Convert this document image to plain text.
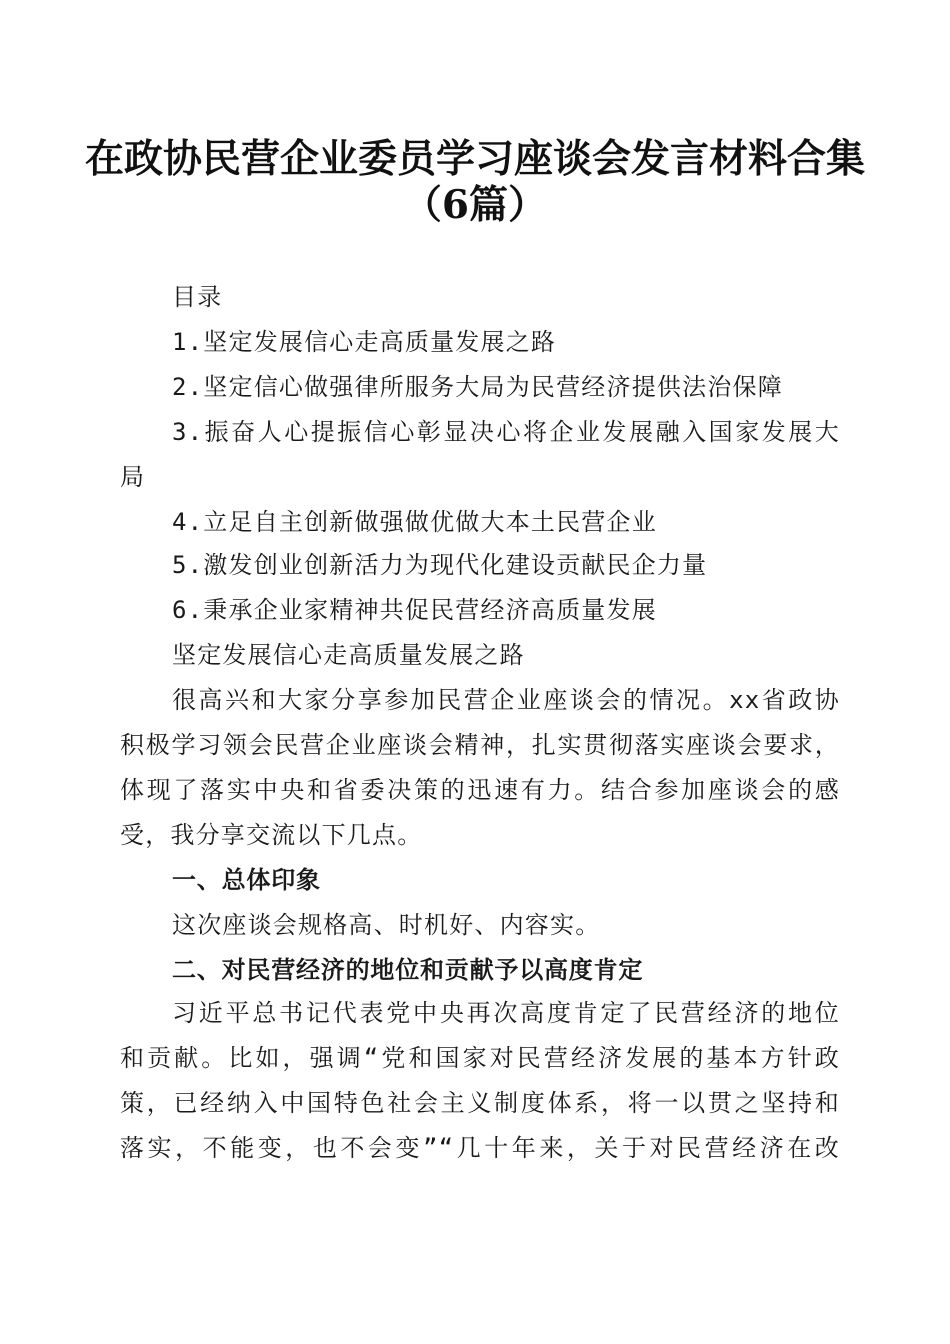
在政协民营企业委员学习座谈会发言材料合集
（6篇）
目录
1.坚定发展信心走高质量发展之路
2.坚定信心做强律所服务大局为民营经济提供法治保障
3.振奋人心提振信心彰显决心将企业发展融入国家发展大
局
4.立足自主创新做强做优做大本土民营企业
5.激发创业创新活力为现代化建设贡献民企力量
6.秉承企业家精神共促民营经济高质量发展
坚定发展信心走高质量发展之路
很高兴和大家分享参加民营企业座谈会的情况。xx省政协
积极学习领会民营企业座谈会精神，扎实贯彻落实座谈会要求，
体现了落实中央和省委决策的迅速有力。结合参加座谈会的感
受，我分享交流以下几点。
一、总体印象
这次座谈会规格高、时机好、内容实。
二、对民营经济的地位和贡献予以高度肯定
习近平总书记代表党中央再次高度肯定了民营经济的地位
和贡献。比如，强调“党和国家对民营经济发展的基本方针政
策，已经纳入中国特色社会主义制度体系，将一以贯之坚持和
落实，不能变，也不会变”“几十年来，关于对民营经济在改
